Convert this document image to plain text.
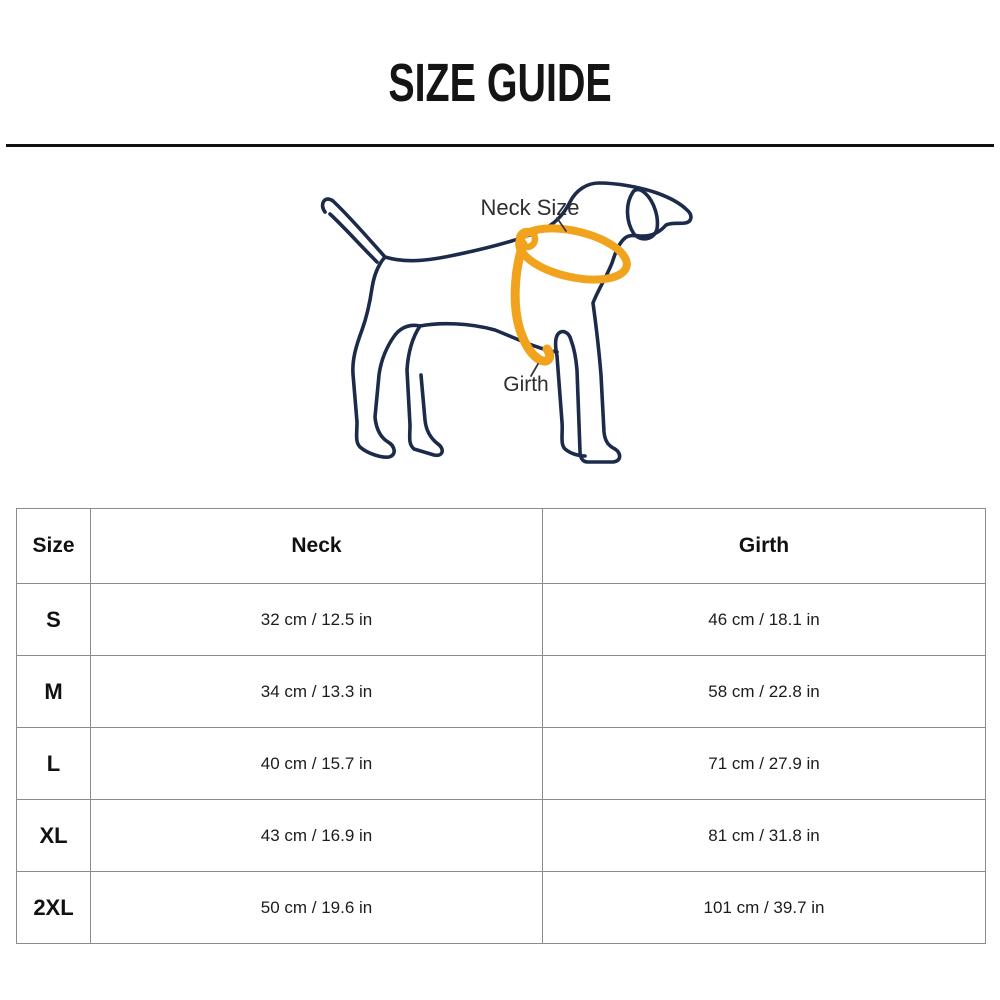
SIZE GUIDE
Neck Size
Girth
Size	Neck	Girth
S	32 cm / 12.5 in	46 cm / 18.1 in
M	34 cm / 13.3 in	58 cm / 22.8 in
L	40 cm / 15.7 in	71 cm / 27.9 in
XL	43 cm / 16.9 in	81 cm / 31.8 in
2XL	50 cm / 19.6 in	101 cm / 39.7 in
